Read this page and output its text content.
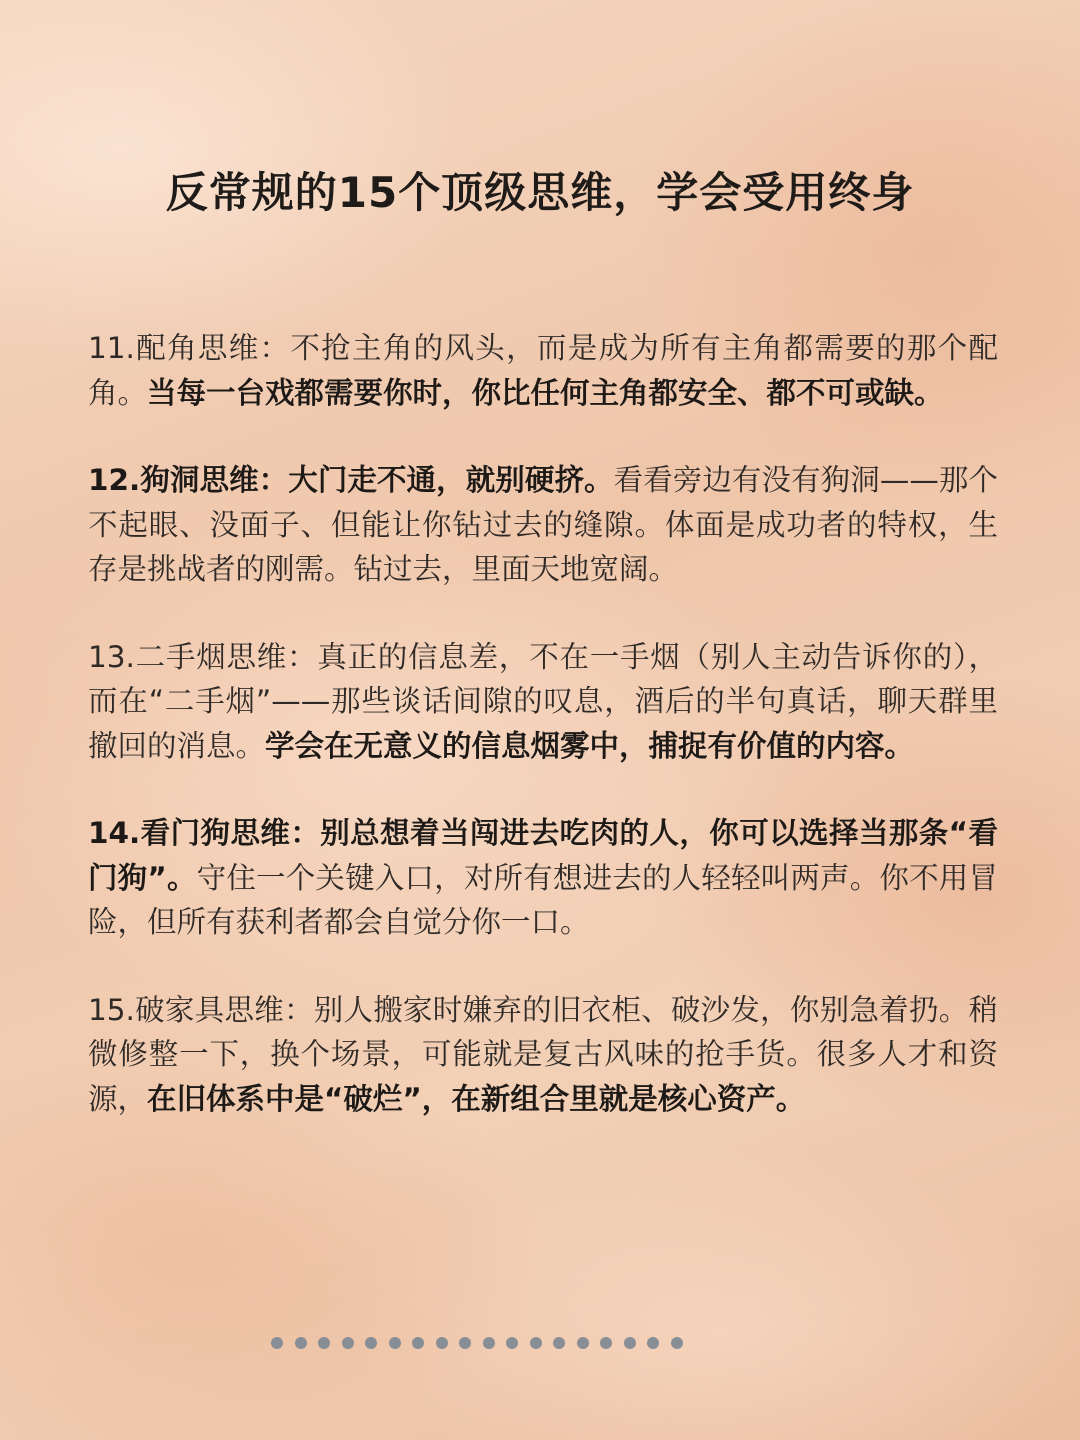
反常规的15个顶级思维，学会受用终身

11.配角思维：不抢主角的风头，而是成为所有主角都需要的那个配角。当每一台戏都需要你时，你比任何主角都安全、都不可或缺。

12.狗洞思维：大门走不通，就别硬挤。看看旁边有没有狗洞——那个不起眼、没面子、但能让你钻过去的缝隙。体面是成功者的特权，生存是挑战者的刚需。钻过去，里面天地宽阔。

13.二手烟思维：真正的信息差，不在一手烟（别人主动告诉你的），而在“二手烟”——那些谈话间隙的叹息，酒后的半句真话，聊天群里撤回的消息。学会在无意义的信息烟雾中，捕捉有价值的内容。

14.看门狗思维：别总想着当闯进去吃肉的人，你可以选择当那条“看门狗”。守住一个关键入口，对所有想进去的人轻轻叫两声。你不用冒险，但所有获利者都会自觉分你一口。

15.破家具思维：别人搬家时嫌弃的旧衣柜、破沙发，你别急着扔。稍微修整一下，换个场景，可能就是复古风味的抢手货。很多人才和资源，在旧体系中是“破烂”，在新组合里就是核心资产。
